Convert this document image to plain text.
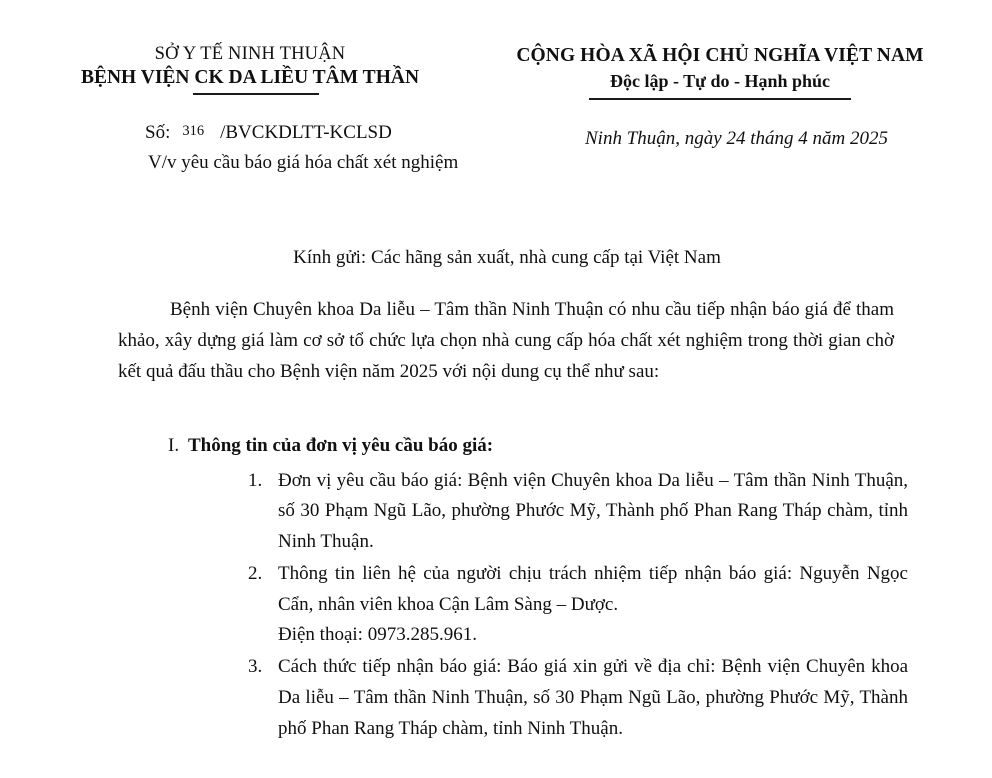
SỞ Y TẾ NINH THUẬN
BỆNH VIỆN CK DA LIỀU TÂM THẦN
CỘNG HÒA XÃ HỘI CHỦ NGHĨA VIỆT NAM
Độc lập - Tự do - Hạnh phúc
Số: 316 /BVCKDLTT-KCLSD
V/v yêu cầu báo giá hóa chất xét nghiệm
Ninh Thuận, ngày 24 tháng 4 năm 2025
Kính gửi: Các hãng sản xuất, nhà cung cấp tại Việt Nam
Bệnh viện Chuyên khoa Da liễu – Tâm thần Ninh Thuận có nhu cầu tiếp nhận báo giá để tham khảo, xây dựng giá làm cơ sở tổ chức lựa chọn nhà cung cấp hóa chất xét nghiệm trong thời gian chờ kết quả đấu thầu cho Bệnh viện năm 2025 với nội dung cụ thể như sau:
I. Thông tin của đơn vị yêu cầu báo giá:
1. Đơn vị yêu cầu báo giá: Bệnh viện Chuyên khoa Da liễu – Tâm thần Ninh Thuận, số 30 Phạm Ngũ Lão, phường Phước Mỹ, Thành phố Phan Rang Tháp chàm, tỉnh Ninh Thuận.
2. Thông tin liên hệ của người chịu trách nhiệm tiếp nhận báo giá: Nguyễn Ngọc Cẩn, nhân viên khoa Cận Lâm Sàng – Dược.
Điện thoại: 0973.285.961.
3. Cách thức tiếp nhận báo giá: Báo giá xin gửi về địa chỉ: Bệnh viện Chuyên khoa Da liễu – Tâm thần Ninh Thuận, số 30 Phạm Ngũ Lão, phường Phước Mỹ, Thành phố Phan Rang Tháp chàm, tỉnh Ninh Thuận.
